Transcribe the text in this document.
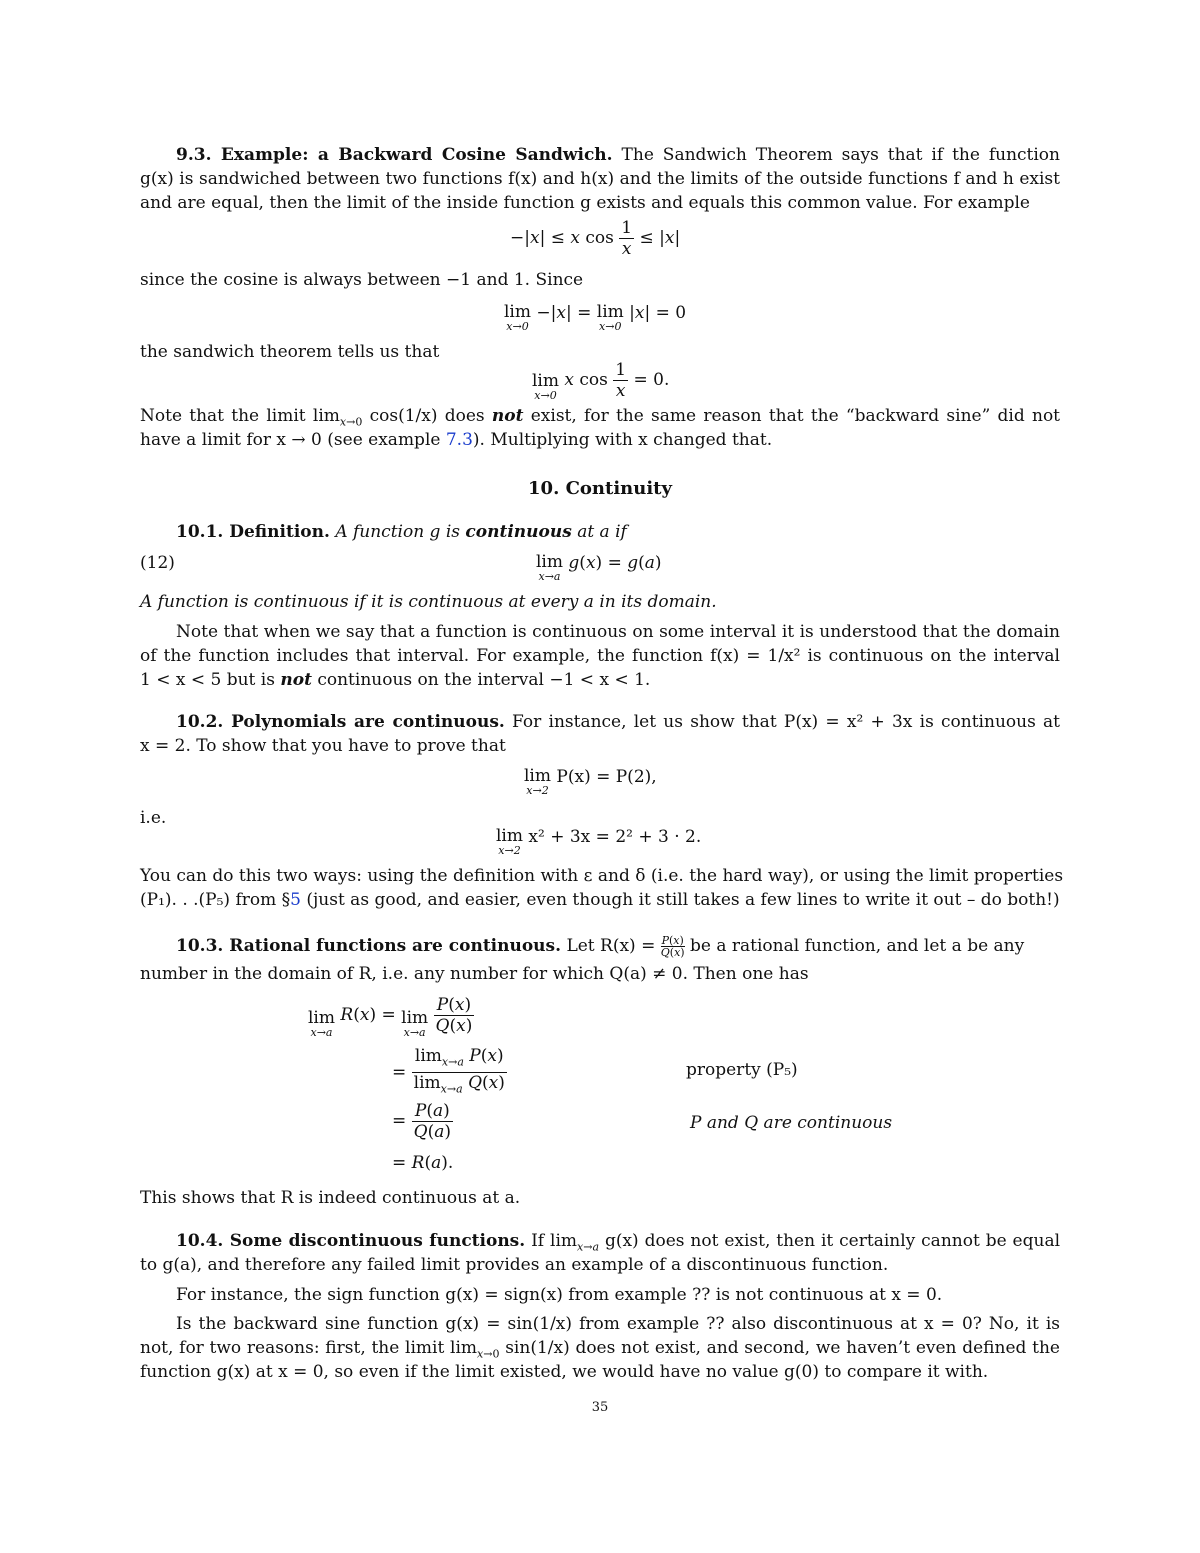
9.3. Example: a Backward Cosine Sandwich. The Sandwich Theorem says that if the function
g(x) is sandwiched between two functions f(x) and h(x) and the limits of the outside functions f and h exist
and are equal, then the limit of the inside function g exists and equals this common value. For example
−|x| ≤ x $\cos \frac{1}{x} \le |x|$
since the cosine is always between −1 and 1. Since
lim
x→0
−|x| = lim
x→0
|x| = 0
the sandwich theorem tells us that
lim
x→0
x $\cos \frac{1}{x} = 0$.
Note that the limit $\lim_{x\to 0} \cos(1/x)$ does not exist, for the same reason that the “backward sine” did not
have a limit for x → 0 (see example 7.3). Multiplying with x changed that.
10. Continuity
10.1. Definition. A function g is continuous at a if
(12)	lim
x→a
g(x) = g(a)
A function is continuous if it is continuous at every a in its domain.
Note that when we say that a function is continuous on some interval it is understood that the domain
of the function includes that interval. For example, the function f(x) = 1/x² is continuous on the interval
1 < x < 5 but is not continuous on the interval −1 < x < 1.
10.2. Polynomials are continuous. For instance, let us show that P(x) = x² + 3x is continuous at
x = 2. To show that you have to prove that
lim
x→2
P(x) = P(2),
i.e.
lim
x→2
x² + 3x = 2² + 3 · 2.
You can do this two ways: using the definition with ε and δ (i.e. the hard way), or using the limit properties
(P₁). . .(P₅) from §5 (just as good, and easier, even though it still takes a few lines to write it out – do both!)
10.3. Rational functions are continuous. Let $R(x) = \frac{P(x)}{Q(x)}$ be a rational function, and let a be any
number in the domain of R, i.e. any number for which Q(a) ≠ 0. Then one has
lim
x→a
R(x) = lim
x→a
$\frac{P(x)}{Q(x)}$
= $\frac{\lim_{x\to a} P(x)}{\lim_{x\to a} Q(x)}$	property (P₅)
= $\frac{P(a)}{Q(a)}$	P and Q are continuous
= R(a).
This shows that R is indeed continuous at a.
10.4. Some discontinuous functions. If $\lim_{x\to a} g(x)$ does not exist, then it certainly cannot be equal
to g(a), and therefore any failed limit provides an example of a discontinuous function.
For instance, the sign function g(x) = sign(x) from example ?? is not continuous at x = 0.
Is the backward sine function g(x) = sin(1/x) from example ?? also discontinuous at x = 0? No, it is
not, for two reasons: first, the limit $\lim_{x\to 0} \sin(1/x)$ does not exist, and second, we haven’t even defined the
function g(x) at x = 0, so even if the limit existed, we would have no value g(0) to compare it with.
35
